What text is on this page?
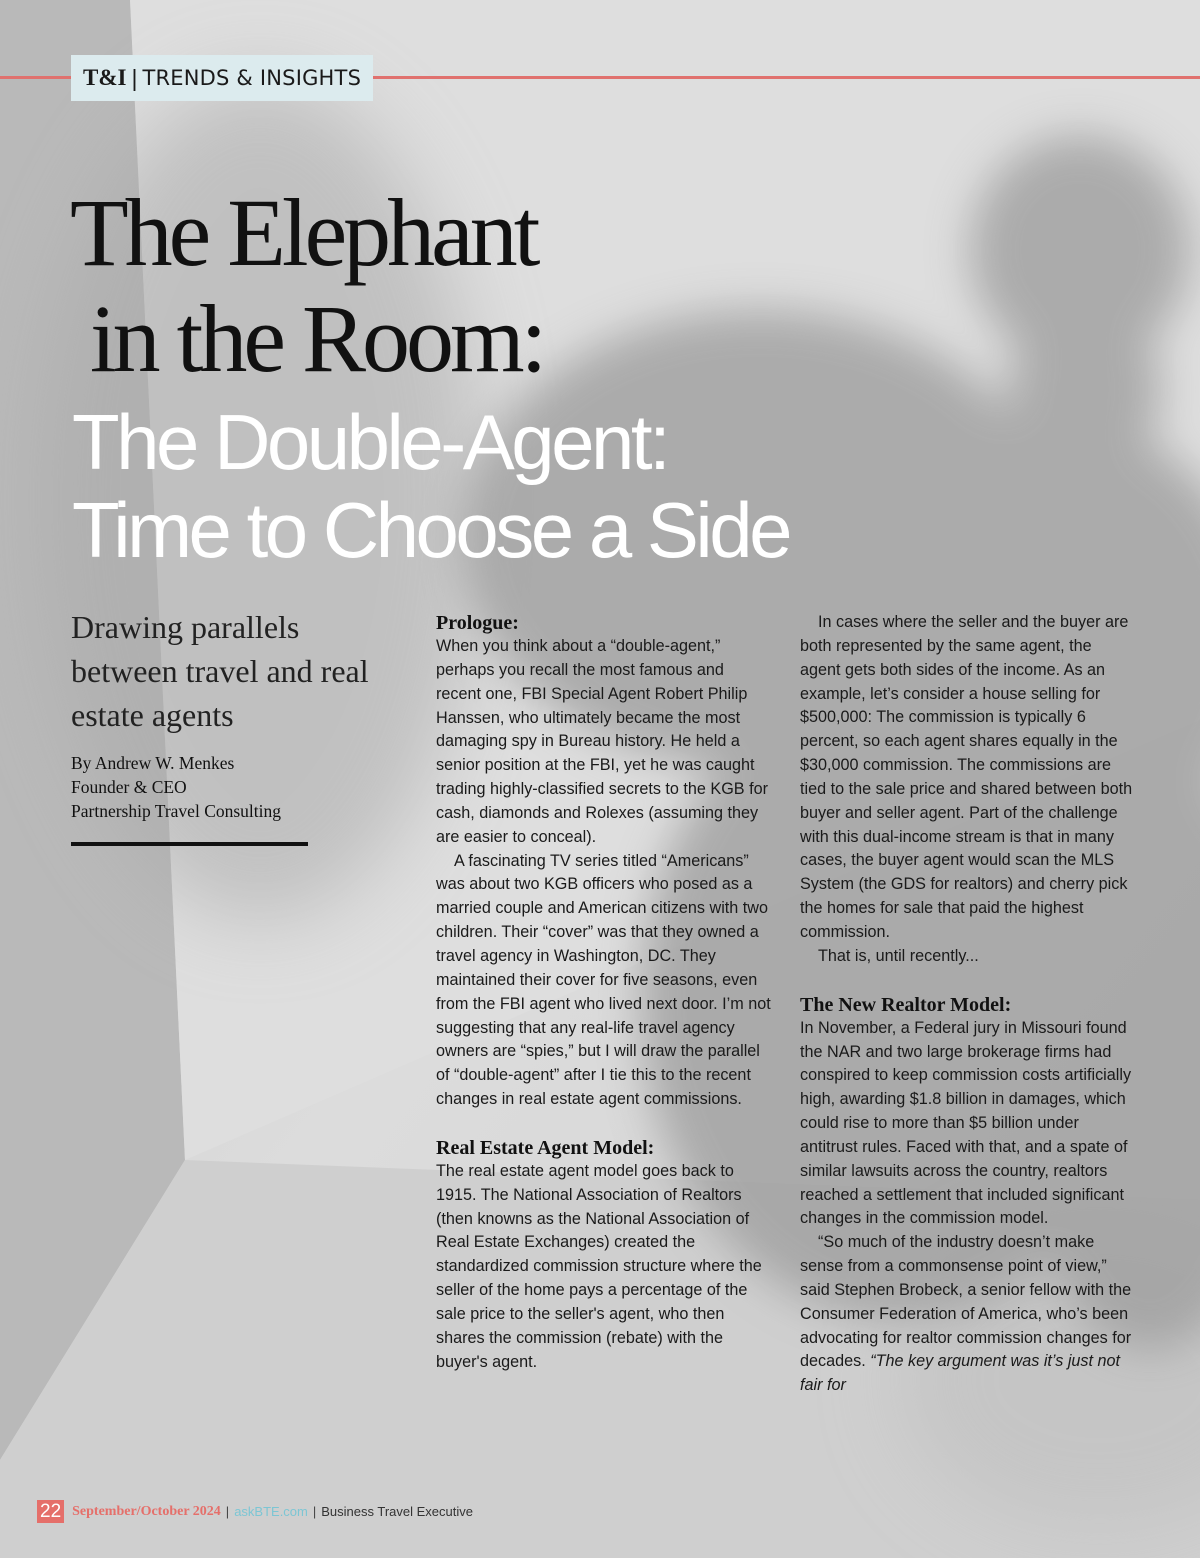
T&I | TRENDS & INSIGHTS
The Elephant
in the Room:
The Double-Agent:
Time to Choose a Side
Drawing parallels between travel and real estate agents
By Andrew W. Menkes
Founder & CEO
Partnership Travel Consulting
Prologue:

When you think about a “double-agent,” perhaps you recall the most famous and recent one, FBI Special Agent Robert Philip Hanssen, who ultimately became the most damaging spy in Bureau history. He held a senior position at the FBI, yet he was caught trading highly-classified secrets to the KGB for cash, diamonds and Rolexes (assuming they are easier to conceal).

A fascinating TV series titled “Americans” was about two KGB officers who posed as a married couple and American citizens with two children. Their “cover” was that they owned a travel agency in Washington, DC. They maintained their cover for five seasons, even from the FBI agent who lived next door. I’m not suggesting that any real-life travel agency owners are “spies,” but I will draw the parallel of “double-agent” after I tie this to the recent changes in real estate agent commissions.

Real Estate Agent Model:

The real estate agent model goes back to 1915. The National Association of Realtors (then knowns as the National Association of Real Estate Exchanges) created the standardized commission structure where the seller of the home pays a percentage of the sale price to the seller's agent, who then shares the commission (rebate) with the buyer's agent.

In cases where the seller and the buyer are both represented by the same agent, the agent gets both sides of the income. As an example, let’s consider a house selling for $500,000: The commission is typically 6 percent, so each agent shares equally in the $30,000 commission. The commissions are tied to the sale price and shared between both buyer and seller agent. Part of the challenge with this dual-income stream is that in many cases, the buyer agent would scan the MLS System (the GDS for realtors) and cherry pick the homes for sale that paid the highest commission.

That is, until recently...

The New Realtor Model:

In November, a Federal jury in Missouri found the NAR and two large brokerage firms had conspired to keep commission costs artificially high, awarding $1.8 billion in damages, which could rise to more than $5 billion under antitrust rules. Faced with that, and a spate of similar lawsuits across the country, realtors reached a settlement that included significant changes in the commission model.

“So much of the industry doesn’t make sense from a commonsense point of view,” said Stephen Brobeck, a senior fellow with the Consumer Federation of America, who’s been advocating for realtor commission changes for decades. “The key argument was it’s just not fair for

22 September/October 2024 | askBTE.com | Business Travel Executive
